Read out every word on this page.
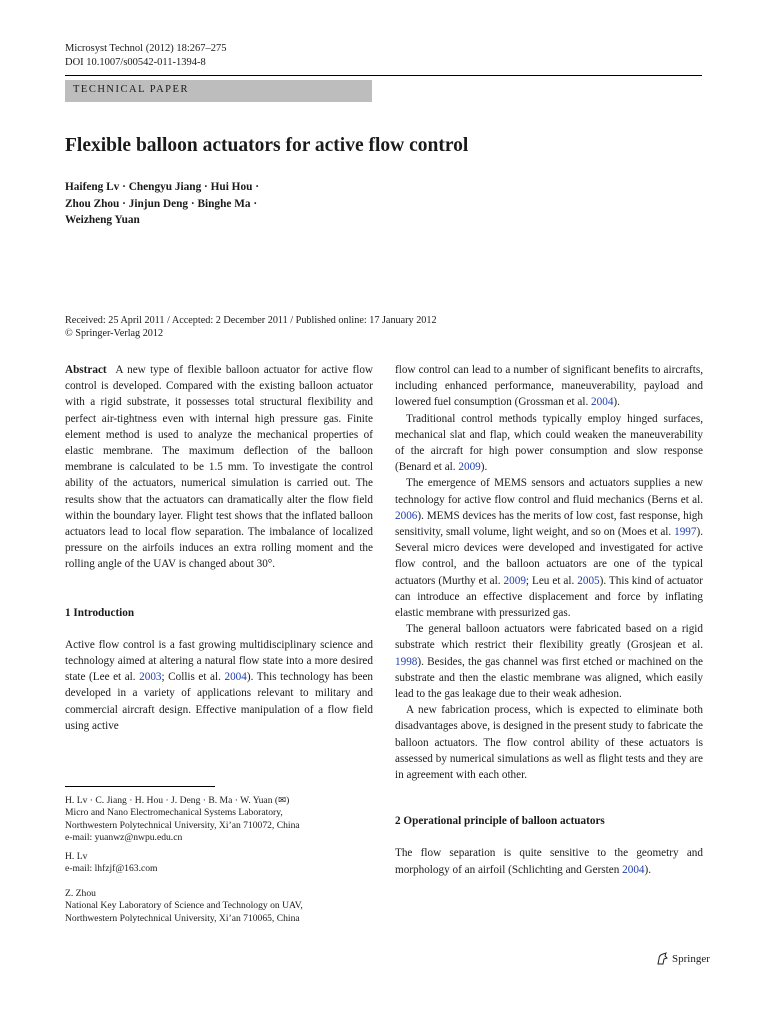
Microsyst Technol (2012) 18:267–275
DOI 10.1007/s00542-011-1394-8
TECHNICAL PAPER
Flexible balloon actuators for active flow control
Haifeng Lv · Chengyu Jiang · Hui Hou ·
Zhou Zhou · Jinjun Deng · Binghe Ma ·
Weizheng Yuan
Received: 25 April 2011 / Accepted: 2 December 2011 / Published online: 17 January 2012
© Springer-Verlag 2012

Abstract A new type of flexible balloon actuator for active flow control is developed. Compared with the existing balloon actuator with a rigid substrate, it possesses total structural flexibility and perfect air-tightness even with internal high pressure gas. Finite element method is used to analyze the mechanical properties of elastic membrane. The maximum deflection of the balloon membrane is calculated to be 1.5 mm. To investigate the control ability of the actuators, numerical simulation is carried out. The results show that the actuators can dramatically alter the flow field within the boundary layer. Flight test shows that the inflated balloon actuators lead to local flow separation. The imbalance of localized pressure on the airfoils induces an extra rolling moment and the rolling angle of the UAV is changed about 30°.

1 Introduction

Active flow control is a fast growing multidisciplinary science and technology aimed at altering a natural flow state into a more desired state (Lee et al. 2003; Collis et al. 2004). This technology has been developed in a variety of applications relevant to military and commercial aircraft design. Effective manipulation of a flow field using active

H. Lv · C. Jiang · H. Hou · J. Deng · B. Ma · W. Yuan (✉)
Micro and Nano Electromechanical Systems Laboratory,
Northwestern Polytechnical University, Xi’an 710072, China
e-mail: yuanwz@nwpu.edu.cn
H. Lv
e-mail: lhfzjf@163.com
Z. Zhou
National Key Laboratory of Science and Technology on UAV,
Northwestern Polytechnical University, Xi’an 710065, China

flow control can lead to a number of significant benefits to aircrafts, including enhanced performance, maneuverability, payload and lowered fuel consumption (Grossman et al. 2004).

Traditional control methods typically employ hinged surfaces, mechanical slat and flap, which could weaken the maneuverability of the aircraft for high power consumption and slow response (Benard et al. 2009).

The emergence of MEMS sensors and actuators supplies a new technology for active flow control and fluid mechanics (Berns et al. 2006). MEMS devices has the merits of low cost, fast response, high sensitivity, small volume, light weight, and so on (Moes et al. 1997). Several micro devices were developed and investigated for active flow control, and the balloon actuators are one of the typical actuators (Murthy et al. 2009; Leu et al. 2005). This kind of actuator can introduce an effective displacement and force by inflating elastic membrane with pressurized gas.

The general balloon actuators were fabricated based on a rigid substrate which restrict their flexibility greatly (Grosjean et al. 1998). Besides, the gas channel was first etched or machined on the substrate and then the elastic membrane was aligned, which easily lead to the gas leakage due to their weak adhesion.

A new fabrication process, which is expected to eliminate both disadvantages above, is designed in the present study to fabricate the balloon actuators. The flow control ability of these actuators is assessed by numerical simulations as well as flight tests and they are in agreement with each other.

2 Operational principle of balloon actuators

The flow separation is quite sensitive to the geometry and morphology of an airfoil (Schlichting and Gersten 2004).

Springer
